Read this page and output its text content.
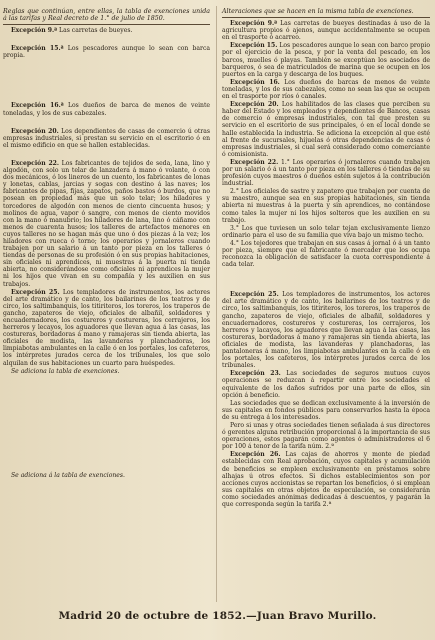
Reglas que continúan, entre ellas, la tabla de exenciones unida á las tarifas y Real decreto de 1.° de julio de 1850.

Excepción 9.ª Las carretas de bueyes.

Excepción 15.ª Los pescadores aunque lo sean con barca propia.

Excepción 16.ª Los dueños de barca de menos de veinte toneladas, y los de sus cabezales.

Excepción 20. Los dependientes de casas de comercio ú otras empresas industriales, si prestan su servicio en el escritorio ó en el mismo edificio en que se hallen establecidas.

Excepción 22. Los fabricantes de tejidos de seda, lana, lino y algodón, con solo un telar de lanzadera á mano ó volante, ó con dos mecánicos, ó los lineros de un cuento, los fabricantes de lonas y lonetas, cablas, jarcias y sogas con destino á las naves; los fabricantes de pipas, fijas, zapatos, paños bastos ó burdos, que no posean en propiedad más que un solo telar; los hiladores y torcedores de algodón con menos de ciento cincuenta husos; y molinos de agua, vapor ó sangre, con menos de ciento movidos con la mano ó manubrio; los hiladores de lana, lino ó cáñamo con menos de cuarenta husos; los talleres de artefactos menores en cuyos talleres no se hagan más que uno ó dos piezas á la vez; los hiladores con rueca ó torno; los operarios y jornaleros cuando trabajen por un salario á un tanto por pieza en los talleres ó tiendas de personas de su profesión ó en sus propias habitaciones, sin oficiales ni aprendices, ni muestras á la puerta ni tienda abierta, no considerándose como oficiales ni aprendices la mujer ni los hijos que vivan en su compañía y les auxilien en sus trabajos.

Excepción 25. Los templadores de instrumentos, los actores del arte dramático y de canto, los bailarines de los teatros y de circo, los saltimbanquis, los titiriteros, los toreros, los traperos de gancho, zapateros de viejo, oficiales de albañil, soldadores y encuadernadores, los costureros y costureras, los cerrajeros, los herreros y lecayos, los aguadores que llevan agua á las casas, las costureras, bordadoras á mano y ramajeras sin tienda abierta, las oficiales de modista, las lavanderas y planchadoras, los limpiabotas ambulantes en la calle ó en los portales, los cafeteros, los intérpretes jurados cerca de los tribunales, los que solo alquilan de sus habitaciones un cuarto para huéspedes.

Se adiciona la tabla de exenciones.

Se adiciona á la tabla de exenciones.

Alteraciones que se hacen en la misma tabla de exenciones.

Excepción 9.ª Las carretas de bueyes destinadas á uso de la agricultura propios ó ajenos, aunque accidentalmente se ocupen en el trasporte ó acarreo.

Excepción 15. Los pescadores aunque lo sean con barco propio por el ejercicio de la pesca, y por la venta del pescado, en los barcos, muelles ó playas. También se exceptúan los asociados de barqueros, ó sea de matriculados de marina que se ocupen en los puertos en la carga y descarga de los buques.

Excepción 16. Los dueños de barcas de menos de veinte toneladas, y los de sus cabezales, como no sean las que se ocupen en el trasporte por ríos ó canales.

Excepción 20. Los habilitados de las clases que perciben su haber del Estado y los empleados y dependientes de Bancos, casas de comercio ó empresas industriales, con tal que presten su servicio en el escritorio de sus principales, ó en el local donde se halle establecida la industria. Se adiciona la excepción al que esté al frente de sucursales, hijuelas ó otras dependencias de casas ó empresas industriales, si cual será considerado como comerciante ó comisionista.

Excepción 22. 1.° Los operarios ó jornaleros cuando trabajen por un salario ó á un tanto por pieza en los talleres ó tiendas de su profesión cuyos maestros ó dueños estén sujetos á la contribución industrial.

2.° Los oficiales de sastre y zapatero que trabajen por cuenta de su maestro, aunque sea en sus propias habitaciones, sin tienda abierta ni muestras á la puerta y sin aprendices, no contándose como tales la mujer ni los hijos solteros que les auxilien en su trabajo.

3.° Los que tuviesen un solo telar tejan exclusivamente lienzo ordinario para el uso de su familia que viva bajo un mismo techo.

4.° Los tejedores que trabajan en sus casas á jornal ó á un tanto por pieza, siempre que el fabricante ó mercader que los ocupa reconozca la obligación de satisfacer la cuota correspondiente á cada telar.

Excepción 25. Los templadores de instrumentos, los actores del arte dramático y de canto, los bailarines de los teatros y de circo, los saltimbanquis, los titiriteros, los toreros, los traperos de gancho, zapateros de viejo, oficiales de albañil, soldadores y encuadernadores, costureros y costureras, los cerrajeros, los herreros y lacayos, los aguadores que llevan agua á las casas, las costureras, bordadoras á mano y ramajeras sin tienda abierta, las oficiales de modista, las lavanderas y planchadoras, las pantaloneras á mano, los limpiabotas ambulantes en la calle ó en los portales, los cafeteros, los intérpretes jurados cerca de los tribunales.

Excepción 23. Las sociedades de seguros mutuos cuyos operaciones se reduzcan á repartir entre los sociedades el equivalente de los daños sufridos por una parte de ellos, sin opción á beneficio.

Las sociedades que se dedican exclusivamente á la inversión de sus capitales en fondos públicos para conservarlos hasta la época de su entrega á los interesados.

Pero si unas y otras sociedades tienen señalada á sus directores ó gerentes alguna retribución proporcional á la importancia de sus operaciones, estos pagarán como agentes ó administradores el 6 por 100 á tenor de la tarifa núm. 2.ª

Excepción 26. Las cajas de ahorros y monte de piedad establecidas con Real aprobación, cuyos capitales y acumulación de beneficios se empleen exclusivamente en préstamos sobre alhajas ú otros efectos. Si dichos establecimientos son por acciones cuyos accionistas se repartan los beneficios, ó si emplean sus capitales en otras objetos de especulación, se considerarán como sociedades anónimas dedicadas á descuentos, y pagarán la que corresponda según la tarifa 2.ª

Madrid 20 de octubre de 1852.—Juan Bravo Murillo.
